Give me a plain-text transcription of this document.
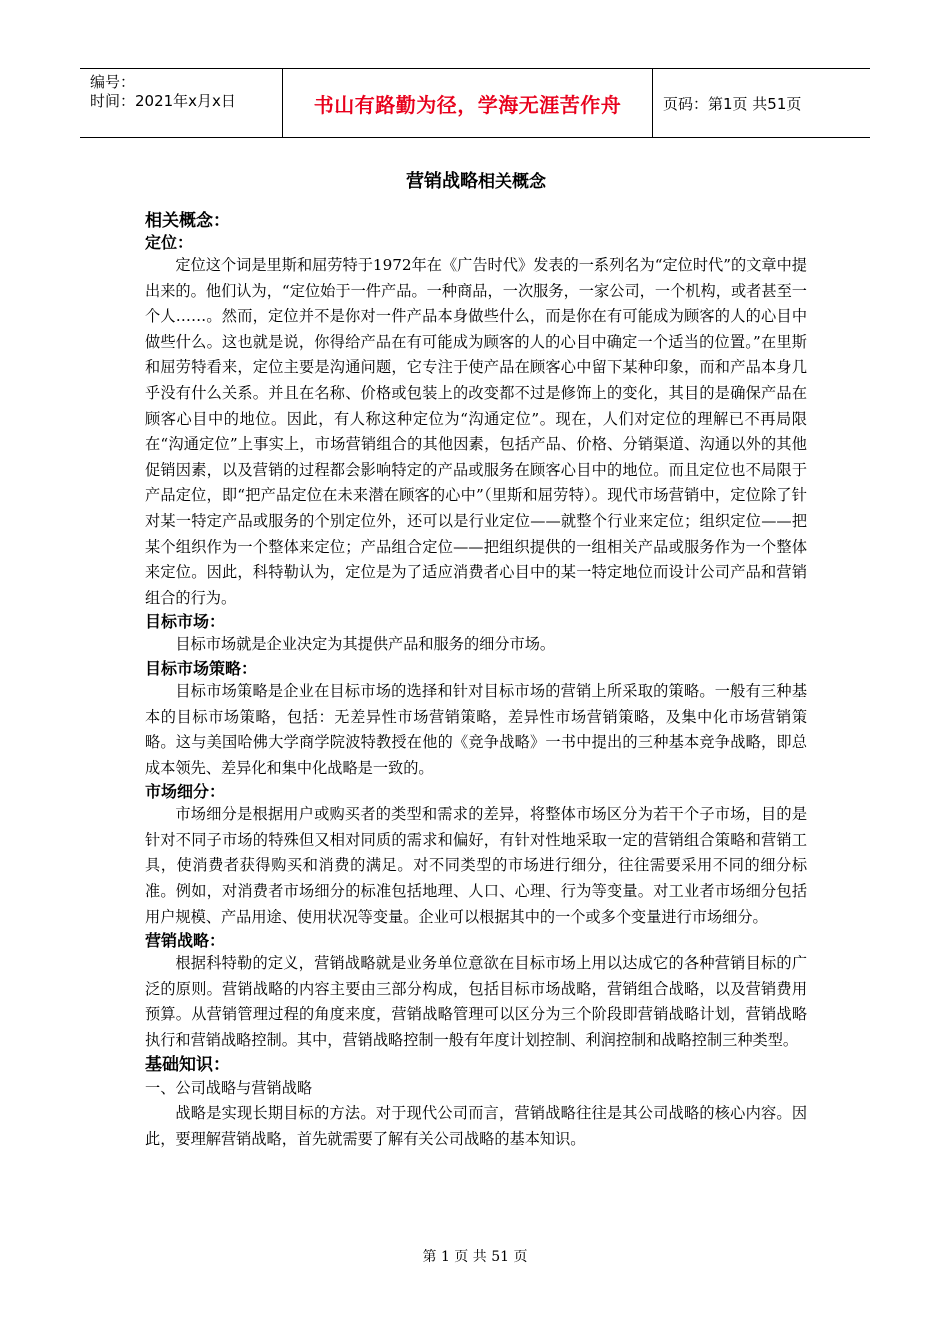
编号：
时间：2021年x月x日	书山有路勤为径，学海无涯苦作舟	页码：第1页 共51页
营销战略相关概念

相关概念：

定位：

定位这个词是里斯和屈劳特于1972年在《广告时代》发表的一系列名为“定位时代”的文章中提出来的。他们认为，“定位始于一件产品。一种商品，一次服务，一家公司，一个机构，或者甚至一个人……。然而，定位并不是你对一件产品本身做些什么，而是你在有可能成为顾客的人的心目中做些什么。这也就是说，你得给产品在有可能成为顾客的人的心目中确定一个适当的位置。”在里斯和屈劳特看来，定位主要是沟通问题，它专注于使产品在顾客心中留下某种印象，而和产品本身几乎没有什么关系。并且在名称、价格或包装上的改变都不过是修饰上的变化，其目的是确保产品在顾客心目中的地位。因此，有人称这种定位为“沟通定位”。现在，人们对定位的理解已不再局限在“沟通定位”上事实上，市场营销组合的其他因素，包括产品、价格、分销渠道、沟通以外的其他促销因素，以及营销的过程都会影响特定的产品或服务在顾客心目中的地位。而且定位也不局限于产品定位，即“把产品定位在未来潜在顾客的心中”（里斯和屈劳特）。现代市场营销中，定位除了针对某一特定产品或服务的个别定位外，还可以是行业定位——就整个行业来定位；组织定位——把某个组织作为一个整体来定位；产品组合定位——把组织提供的一组相关产品或服务作为一个整体来定位。因此，科特勒认为，定位是为了适应消费者心目中的某一特定地位而设计公司产品和营销组合的行为。

目标市场：

目标市场就是企业决定为其提供产品和服务的细分市场。

目标市场策略：

目标市场策略是企业在目标市场的选择和针对目标市场的营销上所采取的策略。一般有三种基本的目标市场策略，包括：无差异性市场营销策略，差异性市场营销策略，及集中化市场营销策略。这与美国哈佛大学商学院波特教授在他的《竞争战略》一书中提出的三种基本竞争战略，即总成本领先、差异化和集中化战略是一致的。

市场细分：

市场细分是根据用户或购买者的类型和需求的差异，将整体市场区分为若干个子市场，目的是针对不同子市场的特殊但又相对同质的需求和偏好，有针对性地采取一定的营销组合策略和营销工具，使消费者获得购买和消费的满足。对不同类型的市场进行细分，往往需要采用不同的细分标准。例如，对消费者市场细分的标准包括地理、人口、心理、行为等变量。对工业者市场细分包括用户规模、产品用途、使用状况等变量。企业可以根据其中的一个或多个变量进行市场细分。

营销战略：

根据科特勒的定义，营销战略就是业务单位意欲在目标市场上用以达成它的各种营销目标的广泛的原则。营销战略的内容主要由三部分构成，包括目标市场战略，营销组合战略，以及营销费用预算。从营销管理过程的角度来度，营销战略管理可以区分为三个阶段即营销战略计划，营销战略执行和营销战略控制。其中，营销战略控制一般有年度计划控制、利润控制和战略控制三种类型。

基础知识：

一、公司战略与营销战略

战略是实现长期目标的方法。对于现代公司而言，营销战略往往是其公司战略的核心内容。因此，要理解营销战略，首先就需要了解有关公司战略的基本知识。

第 1 页 共 51 页
